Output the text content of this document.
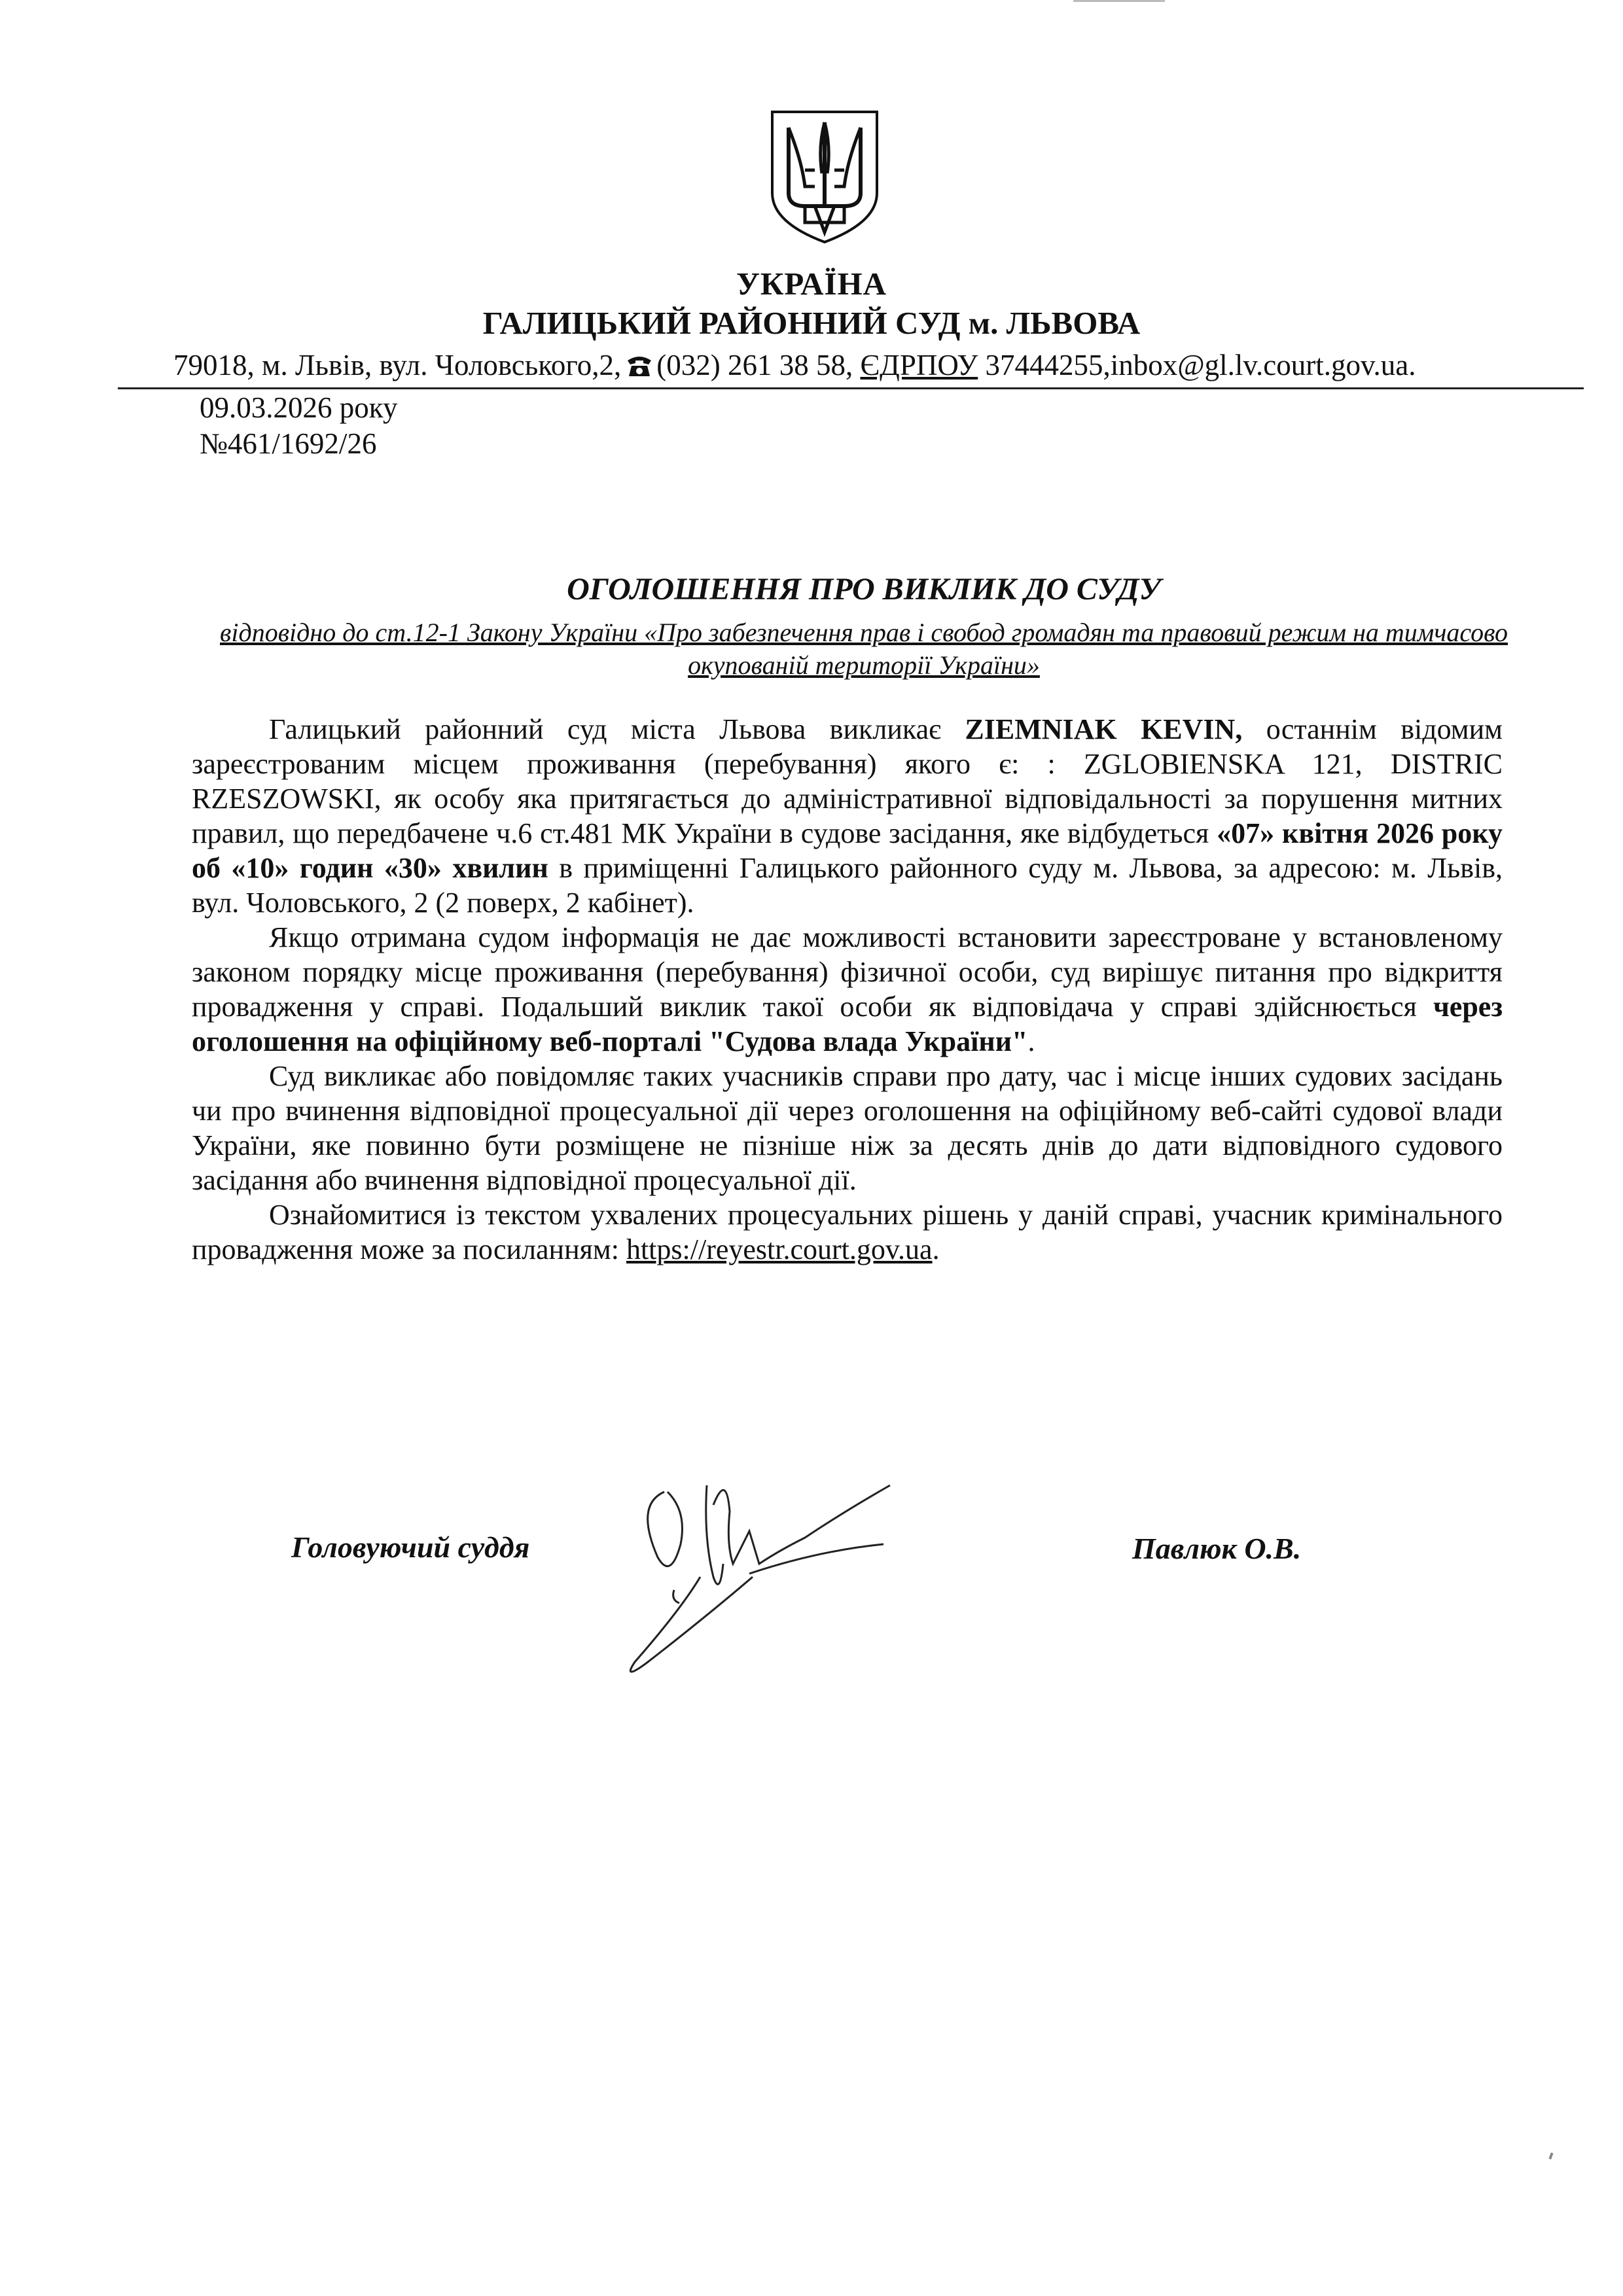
УКРАЇНА
ГАЛИЦЬКИЙ РАЙОННИЙ СУД м. ЛЬВОВА
79018, м. Львів, вул. Чоловського,2, (032) 261 38 58, ЄДРПОУ 37444255,inbox@gl.lv.court.gov.ua.
09.03.2026 року
№461/1692/26
ОГОЛОШЕННЯ ПРО ВИКЛИК ДО СУДУ
відповідно до ст.12-1 Закону України «Про забезпечення прав і свобод громадян та правовий режим на тимчасово окупованій території України»

Галицький районний суд міста Львова викликає ZIEMNIAK KEVIN, останнім відомим зареєстрованим місцем проживання (перебування) якого є: : ZGLOBIENSKA 121, DISTRIC RZESZOWSKI, як особу яка притягається до адміністративної відповідальності за порушення митних правил, що передбачене ч.6 ст.481 МК України в судове засідання, яке відбудеться «07» квітня 2026 року об «10» годин «30» хвилин в приміщенні Галицького районного суду м. Львова, за адресою: м. Львів, вул. Чоловського, 2 (2 поверх, 2 кабінет).

Якщо отримана судом інформація не дає можливості встановити зареєстроване у встановленому законом порядку місце проживання (перебування) фізичної особи, суд вирішує питання про відкриття провадження у справі. Подальший виклик такої особи як відповідача у справі здійснюється через оголошення на офіційному веб-порталі "Судова влада України".

Суд викликає або повідомляє таких учасників справи про дату, час і місце інших судових засідань чи про вчинення відповідної процесуальної дії через оголошення на офіційному веб-сайті судової влади України, яке повинно бути розміщене не пізніше ніж за десять днів до дати відповідного судового засідання або вчинення відповідної процесуальної дії.

Ознайомитися із текстом ухвалених процесуальних рішень у даній справі, учасник кримінального провадження може за посиланням: https://reyestr.court.gov.ua.

Головуючий суддя	Павлюк О.В.
